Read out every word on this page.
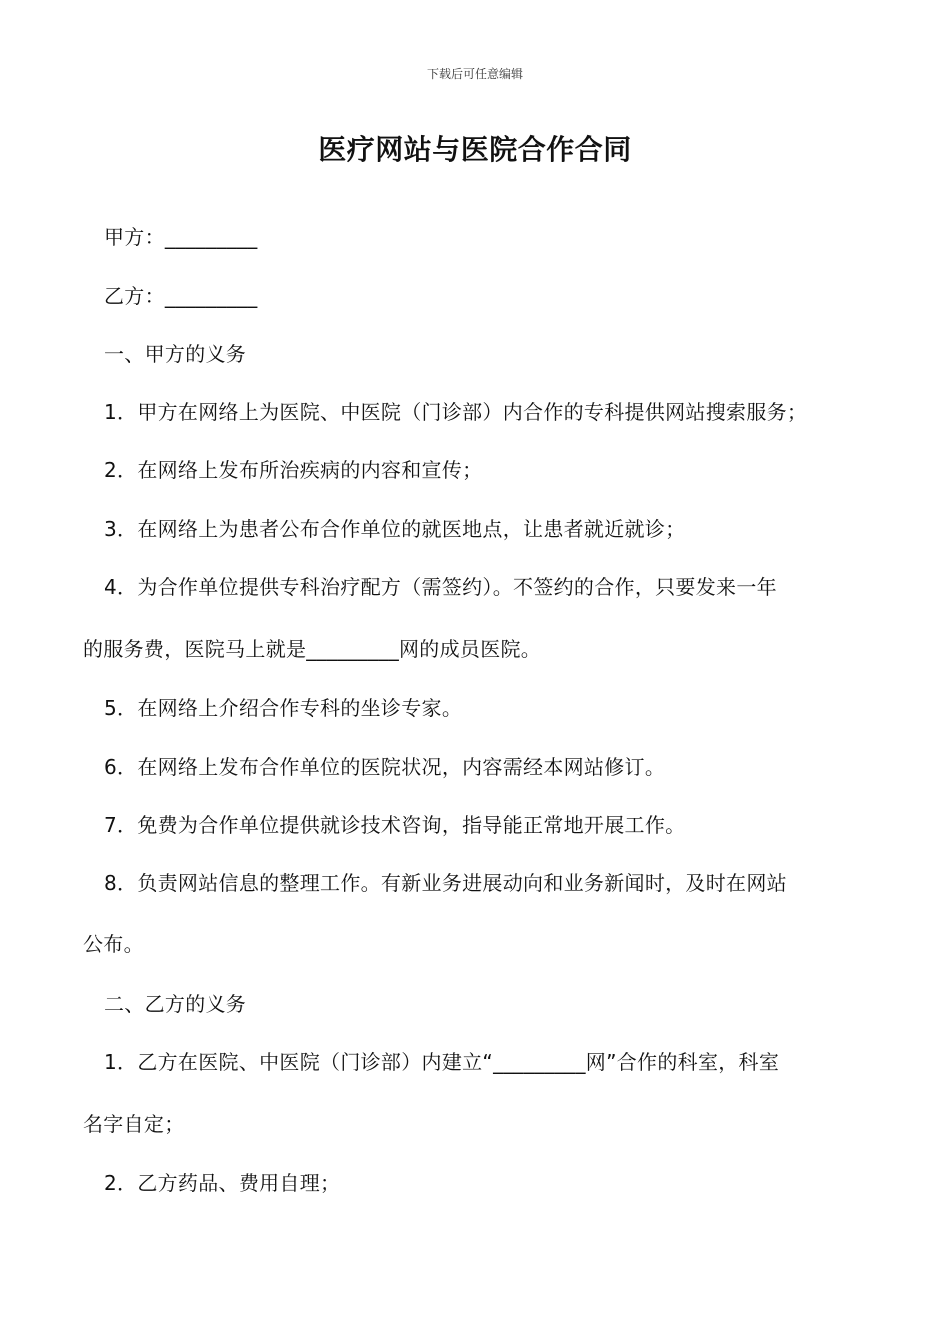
下载后可任意编辑
医疗网站与医院合作合同
甲方：_________
乙方：_________
一、甲方的义务
1．甲方在网络上为医院、中医院（门诊部）内合作的专科提供网站搜索服务；
2．在网络上发布所治疾病的内容和宣传；
3．在网络上为患者公布合作单位的就医地点，让患者就近就诊；
4．为合作单位提供专科治疗配方（需签约）。不签约的合作，只要发来一年
的服务费，医院马上就是_________网的成员医院。
5．在网络上介绍合作专科的坐诊专家。
6．在网络上发布合作单位的医院状况，内容需经本网站修订。
7．免费为合作单位提供就诊技术咨询，指导能正常地开展工作。
8．负责网站信息的整理工作。有新业务进展动向和业务新闻时，及时在网站
公布。
二、乙方的义务
1．乙方在医院、中医院（门诊部）内建立“_________网”合作的科室，科室
名字自定；
2．乙方药品、费用自理；
